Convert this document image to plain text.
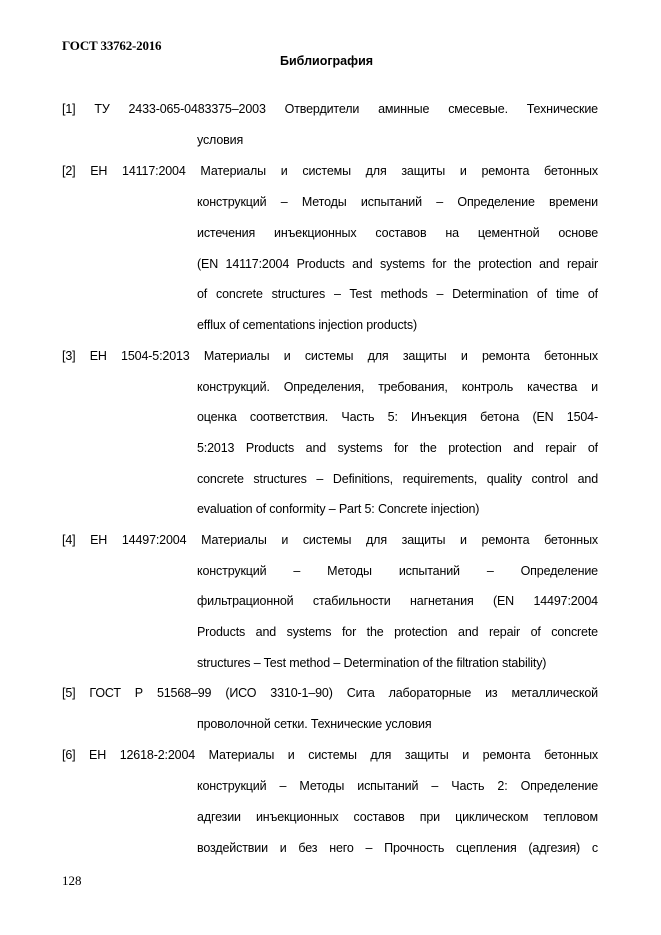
ГОСТ 33762-2016
Библиография
[1] ТУ 2433-065-0483375–2003 Отвердители аминные смесевые. Технические
условия
[2] ЕН 14117:2004 Материалы и системы для защиты и ремонта бетонных
конструкций – Методы испытаний – Определение времени
истечения инъекционных составов на цементной основе
(EN 14117:2004 Products and systems for the protection and repair
of concrete structures – Test methods – Determination of time of
efflux of cementations injection products)
[3] ЕН 1504-5:2013 Материалы и системы для защиты и ремонта бетонных
конструкций. Определения, требования, контроль качества и
оценка соответствия. Часть 5: Инъекция бетона (EN 1504-
5:2013 Products and systems for the protection and repair of
concrete structures – Definitions, requirements, quality control and
evaluation of conformity – Part 5: Concrete injection)
[4] ЕН 14497:2004 Материалы и системы для защиты и ремонта бетонных
конструкций – Методы испытаний – Определение
фильтрационной стабильности нагнетания (EN 14497:2004
Products and systems for the protection and repair of concrete
structures – Test method – Determination of the filtration stability)
[5] ГОСТ Р 51568–99 (ИСО 3310-1–90) Сита лабораторные из металлической
проволочной сетки. Технические условия
[6] ЕН 12618-2:2004 Материалы и системы для защиты и ремонта бетонных
конструкций – Методы испытаний – Часть 2: Определение
адгезии инъекционных составов при циклическом тепловом
воздействии и без него – Прочность сцепления (адгезия) с
128
